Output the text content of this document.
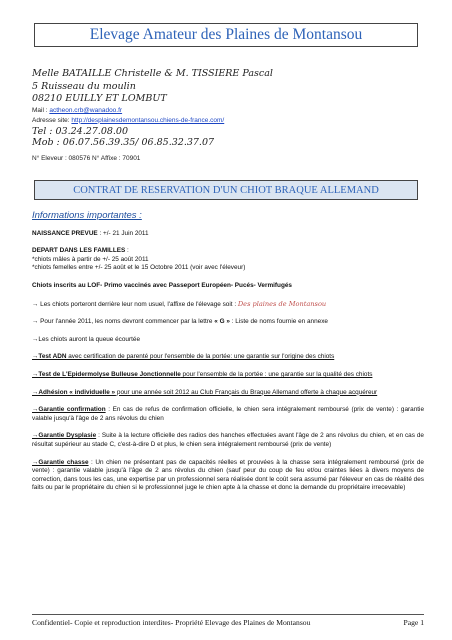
Elevage Amateur des Plaines de Montansou
Melle BATAILLE Christelle & M. TISSIERE Pascal
5 Ruisseau du moulin
08210 EUILLY ET LOMBUT
Mail : actheon.crb@wanadoo.fr
Adresse site: http://desplainesdemontansou.chiens-de-france.com/
Tel : 03.24.27.08.00
Mob : 06.07.56.39.35/ 06.85.32.37.07
N° Eleveur : 080576 N° Affixe : 70901
CONTRAT DE RESERVATION D'UN CHIOT BRAQUE ALLEMAND
Informations importantes :

NAISSANCE PREVUE : +/- 21 Juin 2011

DEPART DANS LES FAMILLES :
*chiots mâles à partir de +/- 25 août 2011
*chiots femelles entre +/- 25 août et le 15 Octobre 2011 (voir avec l'éleveur)

Chiots inscrits au LOF- Primo vaccinés avec Passeport Européen- Pucés- Vermifugés

→ Les chiots porteront derrière leur nom usuel, l'affixe de l'élevage soit : Des plaines de Montansou

→ Pour l'année 2011, les noms devront commencer par la lettre « G » : Liste de noms fournie en annexe

→Les chiots auront la queue écourtée

→Test ADN avec certification de parenté pour l'ensemble de la portée: une garantie sur l'origine des chiots

→Test de L'Epidermolyse Bulleuse Jonctionnelle pour l'ensemble de la portée : une garantie sur la qualité des chiots

→Adhésion « individuelle » pour une année soit 2012 au Club Français du Braque Allemand offerte à chaque acquéreur

→Garantie confirmation : En cas de refus de confirmation officielle, le chien sera intégralement remboursé (prix de vente) : garantie valable jusqu'à l'âge de 2 ans révolus du chien

→Garantie Dysplasie : Suite à la lecture officielle des radios des hanches effectuées avant l'âge de 2 ans révolus du chien, et en cas de résultat supérieur au stade C, c'est-à-dire D et plus, le chien sera intégralement remboursé (prix de vente)

→Garantie chasse : Un chien ne présentant pas de capacités réelles et prouvées à la chasse sera intégralement remboursé (prix de vente) : garantie valable jusqu'à l'âge de 2 ans révolus du chien (sauf peur du coup de feu et/ou craintes liées à divers moyens de correction, dans tous les cas, une expertise par un professionnel sera réalisée dont le coût sera assumé par l'éleveur en cas de réalité des faits ou par le propriétaire du chien si le professionnel juge le chien apte à la chasse et donc la demande du propriétaire irrecevable)

Confidentiel- Copie et reproduction interdites- Propriété Elevage des Plaines de Montansou	Page 1
